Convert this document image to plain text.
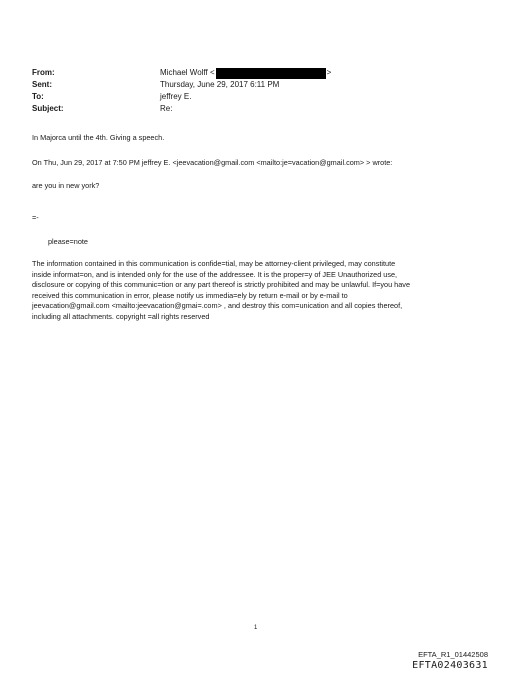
From:	Michael Wolff <	>
Sent:	Thursday, June 29, 2017 6:11 PM
To:	jeffrey E.
Subject:	Re:
In Majorca until the 4th. Giving a speech.
On Thu, Jun 29, 2017 at 7:50 PM jeffrey E. <jeevacation@gmail.com <mailto:je=vacation@gmail.com> > wrote:
are you in new york?
=-
please=note
The information contained in this communication is confide=tial, may be attorney-client privileged, may constitute
inside informat=on, and is intended only for the use of the addressee. It is the proper=y of JEE Unauthorized use,
disclosure or copying of this communic=tion or any part thereof is strictly prohibited and may be unlawful. If=you have
received this communication in error, please notify us immedia=ely by return e-mail or by e-mail to
jeevacation@gmail.com <mailto:jeevacation@gmai=.com> , and destroy this com=unication and all copies thereof,
including all attachments. copyright =all rights reserved
1
EFTA_R1_01442508
EFTA02403631
